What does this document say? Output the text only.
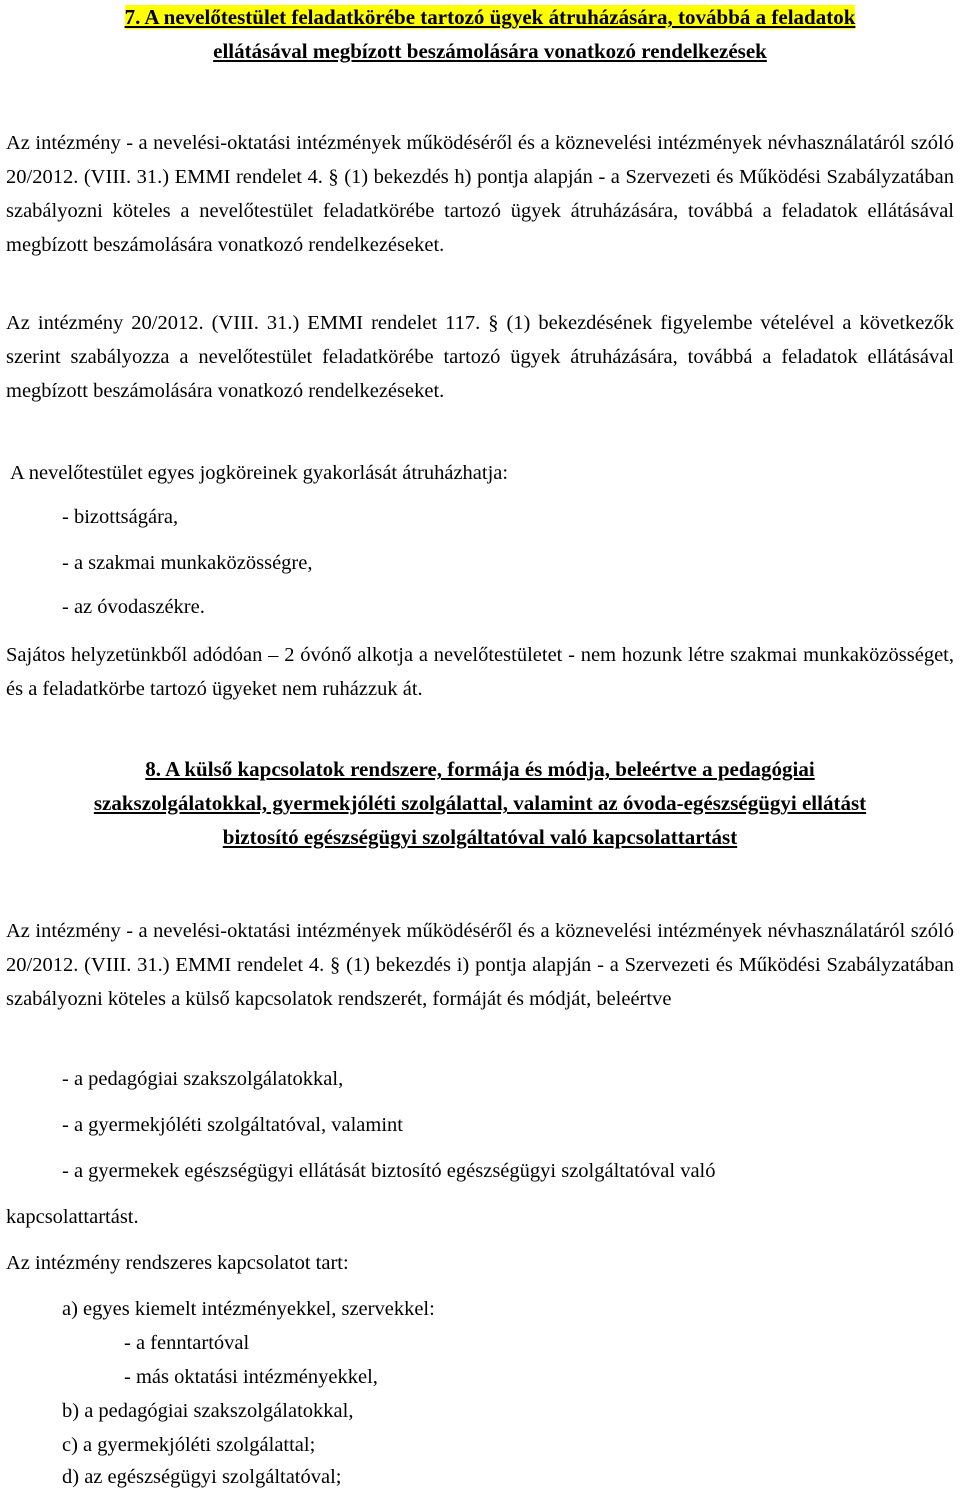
7. A nevelőtestület feladatkörébe tartozó ügyek átruházására, továbbá a feladatok
ellátásával megbízott beszámolására vonatkozó rendelkezések

Az intézmény - a nevelési-oktatási intézmények működéséről és a köznevelési intézmények névhasználatáról szóló 20/2012. (VIII. 31.) EMMI rendelet 4. § (1) bekezdés h) pontja alapján - a Szervezeti és Működési Szabályzatában szabályozni köteles a nevelőtestület feladatkörébe tartozó ügyek átruházására, továbbá a feladatok ellátásával megbízott beszámolására vonatkozó rendelkezéseket.

Az intézmény 20/2012. (VIII. 31.) EMMI rendelet 117. § (1) bekezdésének figyelembe vételével a következők szerint szabályozza a nevelőtestület feladatkörébe tartozó ügyek átruházására, továbbá a feladatok ellátásával megbízott beszámolására vonatkozó rendelkezéseket.

A nevelőtestület egyes jogköreinek gyakorlását átruházhatja:
- bizottságára,
- a szakmai munkaközösségre,
- az óvodaszékre.

Sajátos helyzetünkből adódóan – 2 óvónő alkotja a nevelőtestületet - nem hozunk létre szakmai munkaközösséget, és a feladatkörbe tartozó ügyeket nem ruházzuk át.

8. A külső kapcsolatok rendszere, formája és módja, beleértve a pedagógiai
szakszolgálatokkal, gyermekjóléti szolgálattal, valamint az óvoda-egészségügyi ellátást
biztosító egészségügyi szolgáltatóval való kapcsolattartást

Az intézmény - a nevelési-oktatási intézmények működéséről és a köznevelési intézmények névhasználatáról szóló 20/2012. (VIII. 31.) EMMI rendelet 4. § (1) bekezdés i) pontja alapján - a Szervezeti és Működési Szabályzatában szabályozni köteles a külső kapcsolatok rendszerét, formáját és módját, beleértve

- a pedagógiai szakszolgálatokkal,
- a gyermekjóléti szolgáltatóval, valamint
- a gyermekek egészségügyi ellátását biztosító egészségügyi szolgáltatóval való
kapcsolattartást.
Az intézmény rendszeres kapcsolatot tart:
a) egyes kiemelt intézményekkel, szervekkel:
- a fenntartóval
- más oktatási intézményekkel,
b) a pedagógiai szakszolgálatokkal,
c) a gyermekjóléti szolgálattal;
d) az egészségügyi szolgáltatóval;
